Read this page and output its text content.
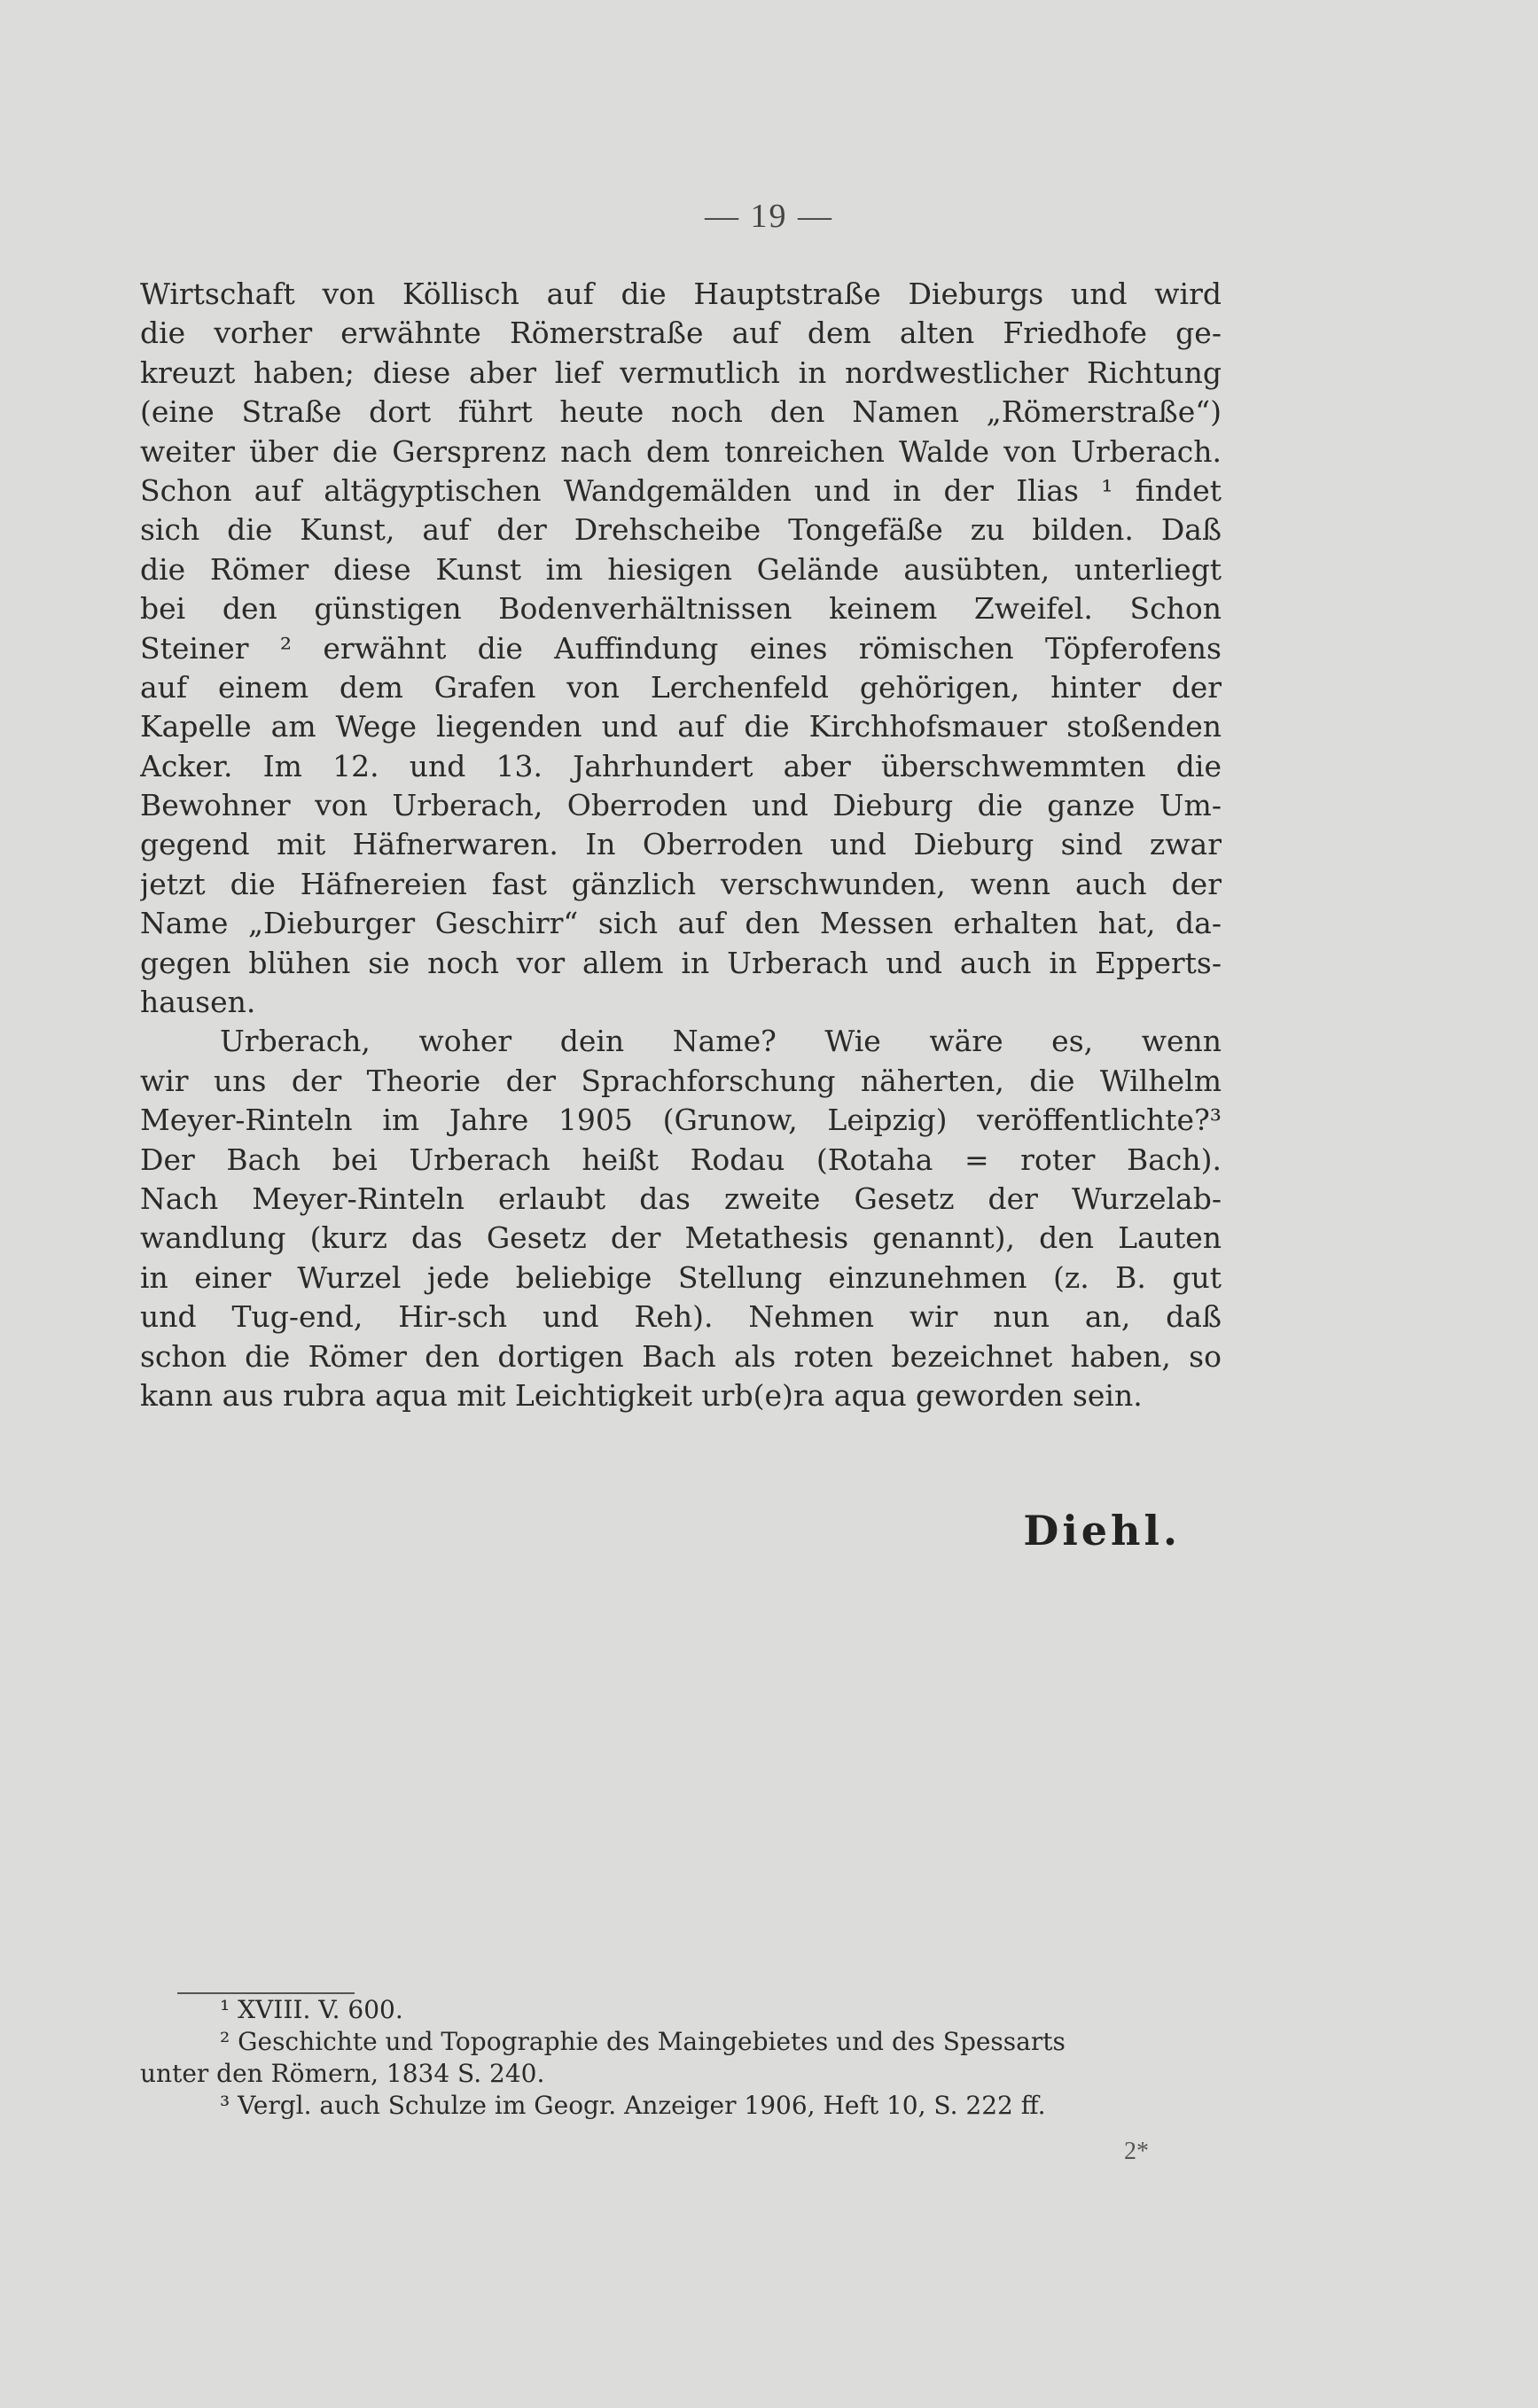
— 19 —
Wirtschaft von Köllisch auf die Hauptstraße Dieburgs und wird
die vorher erwähnte Römerstraße auf dem alten Friedhofe ge-
kreuzt haben; diese aber lief vermutlich in nordwestlicher Richtung
(eine Straße dort führt heute noch den Namen „Römerstraße“)
weiter über die Gersprenz nach dem tonreichen Walde von Urberach.
Schon auf altägyptischen Wandgemälden und in der Ilias ¹ findet
sich die Kunst, auf der Drehscheibe Tongefäße zu bilden. Daß
die Römer diese Kunst im hiesigen Gelände ausübten, unterliegt
bei den günstigen Bodenverhältnissen keinem Zweifel. Schon
Steiner ² erwähnt die Auffindung eines römischen Töpferofens
auf einem dem Grafen von Lerchenfeld gehörigen, hinter der
Kapelle am Wege liegenden und auf die Kirchhofsmauer stoßenden
Acker. Im 12. und 13. Jahrhundert aber überschwemmten die
Bewohner von Urberach, Oberroden und Dieburg die ganze Um-
gegend mit Häfnerwaren. In Oberroden und Dieburg sind zwar
jetzt die Häfnereien fast gänzlich verschwunden, wenn auch der
Name „Dieburger Geschirr“ sich auf den Messen erhalten hat, da-
gegen blühen sie noch vor allem in Urberach und auch in Epperts-
hausen.
Urberach, woher dein Name? Wie wäre es, wenn
wir uns der Theorie der Sprachforschung näherten, die Wilhelm
Meyer-Rinteln im Jahre 1905 (Grunow, Leipzig) veröffentlichte?³
Der Bach bei Urberach heißt Rodau (Rotaha = roter Bach).
Nach Meyer-Rinteln erlaubt das zweite Gesetz der Wurzelab-
wandlung (kurz das Gesetz der Metathesis genannt), den Lauten
in einer Wurzel jede beliebige Stellung einzunehmen (z. B. gut
und Tug-end, Hir-sch und Reh). Nehmen wir nun an, daß
schon die Römer den dortigen Bach als roten bezeichnet haben, so
kann aus rubra aqua mit Leichtigkeit urb(e)ra aqua geworden sein.
Diehl.
¹ XVIII. V. 600.
² Geschichte und Topographie des Maingebietes und des Spessarts
unter den Römern, 1834 S. 240.
³ Vergl. auch Schulze im Geogr. Anzeiger 1906, Heft 10, S. 222 ff.
2*
